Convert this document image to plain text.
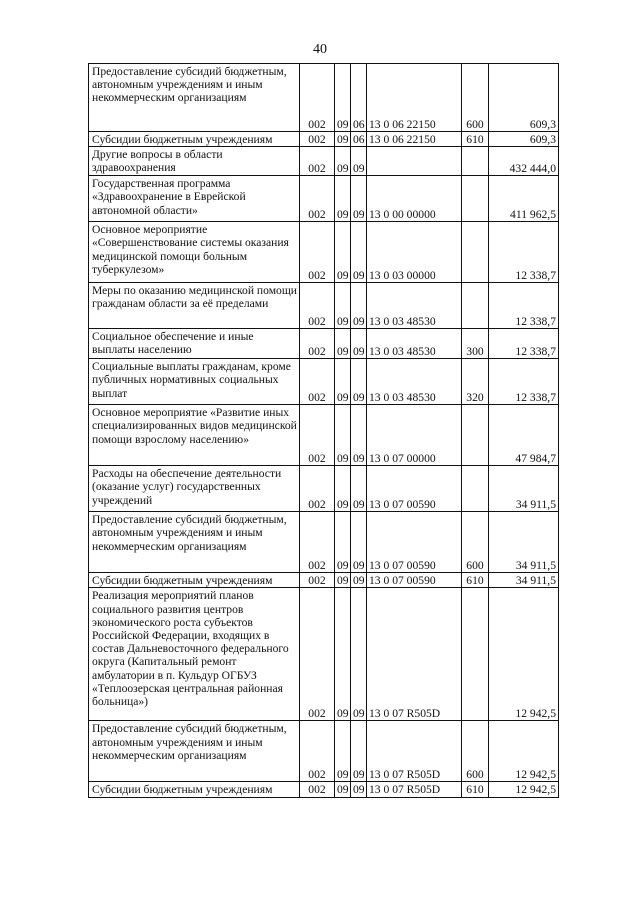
40
Предоставление субсидий бюджетным, автономным учреждениям и иным некоммерческим организациям	002	09	06	13 0 06 22150	600	609,3
Субсидии бюджетным учреждениям	002	09	06	13 0 06 22150	610	609,3
Другие вопросы в области здравоохранения	002	09	09			432 444,0
Государственная программа «Здравоохранение в Еврейской автономной области»	002	09	09	13 0 00 00000		411 962,5
Основное мероприятие «Совершенствование системы оказания медицинской помощи больным туберкулезом»	002	09	09	13 0 03 00000		12 338,7
Меры по оказанию медицинской помощи гражданам области за её пределами	002	09	09	13 0 03 48530		12 338,7
Социальное обеспечение и иные выплаты населению	002	09	09	13 0 03 48530	300	12 338,7
Социальные выплаты гражданам, кроме публичных нормативных социальных выплат	002	09	09	13 0 03 48530	320	12 338,7
Основное мероприятие «Развитие иных специализированных видов медицинской помощи взрослому населению»	002	09	09	13 0 07 00000		47 984,7
Расходы на обеспечение деятельности (оказание услуг) государственных учреждений	002	09	09	13 0 07 00590		34 911,5
Предоставление субсидий бюджетным, автономным учреждениям и иным некоммерческим организациям	002	09	09	13 0 07 00590	600	34 911,5
Субсидии бюджетным учреждениям	002	09	09	13 0 07 00590	610	34 911,5
Реализация мероприятий планов социального развития центров экономического роста субъектов Российской Федерации, входящих в состав Дальневосточного федерального округа (Капитальный ремонт амбулатории в п. Кульдур ОГБУЗ «Теплоозерская центральная районная больница»)	002	09	09	13 0 07 R505D		12 942,5
Предоставление субсидий бюджетным, автономным учреждениям и иным некоммерческим организациям	002	09	09	13 0 07 R505D	600	12 942,5
Субсидии бюджетным учреждениям	002	09	09	13 0 07 R505D	610	12 942,5
